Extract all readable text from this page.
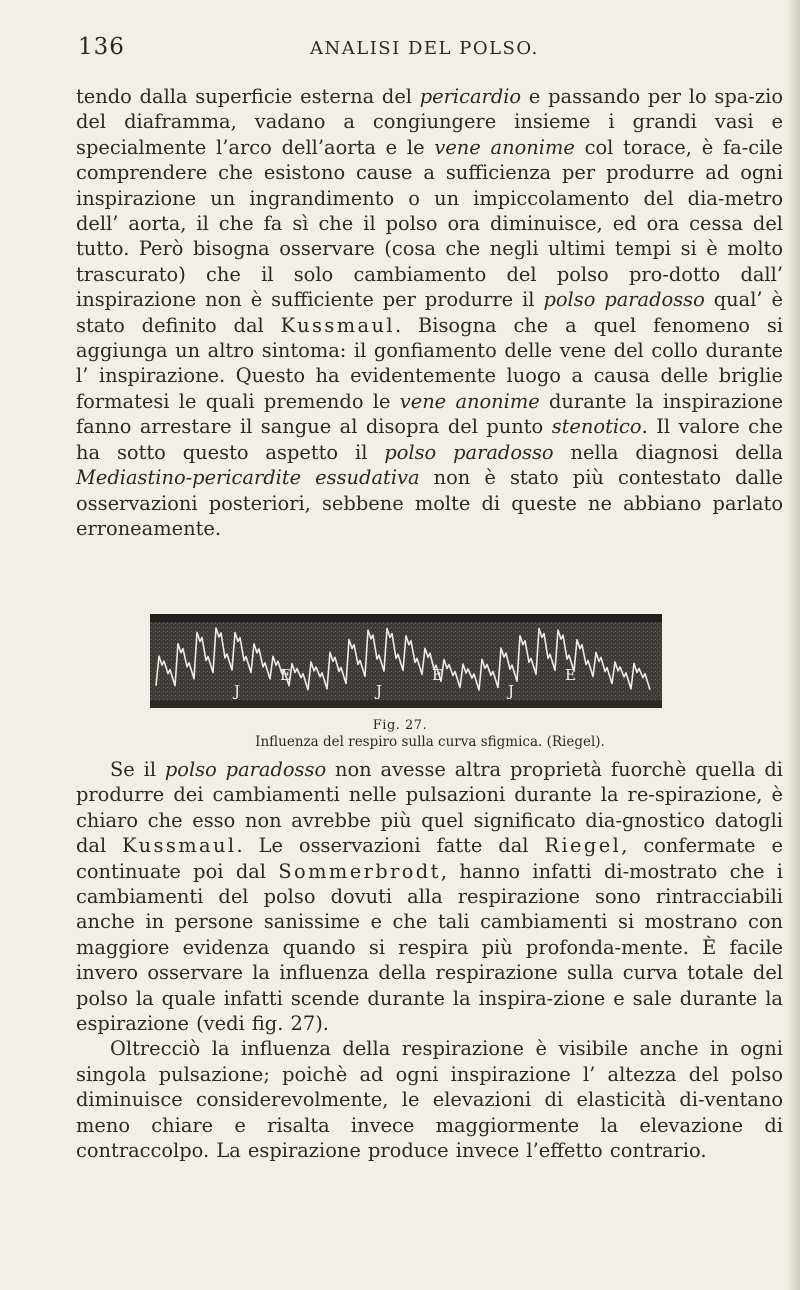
136	ANALISI DEL POLSO.

tendo dalla superficie esterna del pericardio e passando per lo spa-zio del diaframma, vadano a congiungere insieme i grandi vasi e specialmente l’arco dell’aorta e le vene anonime col torace, è fa-cile comprendere che esistono cause a sufficienza per produrre ad ogni inspirazione un ingrandimento o un impiccolamento del dia-metro dell’ aorta, il che fa sì che il polso ora diminuisce, ed ora cessa del tutto. Però bisogna osservare (cosa che negli ultimi tempi si è molto trascurato) che il solo cambiamento del polso pro-dotto dall’ inspirazione non è sufficiente per produrre il polso paradosso qual’ è stato definito dal Kussmaul. Bisogna che a quel fenomeno si aggiunga un altro sintoma: il gonfiamento delle vene del collo durante l’ inspirazione. Questo ha evidentemente luogo a causa delle briglie formatesi le quali premendo le vene anonime durante la inspirazione fanno arrestare il sangue al disopra del punto stenotico. Il valore che ha sotto questo aspetto il polso paradosso nella diagnosi della Mediastino-pericardite essudativa non è stato più contestato dalle osservazioni posteriori, sebbene molte di queste ne abbiano parlato erroneamente.

E	E	E
J	J	J
Fig. 27.
Influenza del respiro sulla curva sfigmica. (Riegel).

Se il polso paradosso non avesse altra proprietà fuorchè quella di produrre dei cambiamenti nelle pulsazioni durante la re-spirazione, è chiaro che esso non avrebbe più quel significato dia-gnostico datogli dal Kussmaul. Le osservazioni fatte dal Riegel, confermate e continuate poi dal Sommerbrodt, hanno infatti di-mostrato che i cambiamenti del polso dovuti alla respirazione sono rintracciabili anche in persone sanissime e che tali cambiamenti si mostrano con maggiore evidenza quando si respira più profonda-mente. È facile invero osservare la influenza della respirazione sulla curva totale del polso la quale infatti scende durante la inspira-zione e sale durante la espirazione (vedi fig. 27).

Oltrecciò la influenza della respirazione è visibile anche in ogni singola pulsazione; poichè ad ogni inspirazione l’ altezza del polso diminuisce considerevolmente, le elevazioni di elasticità di-ventano meno chiare e risalta invece maggiormente la elevazione di contraccolpo. La espirazione produce invece l’effetto contrario.
